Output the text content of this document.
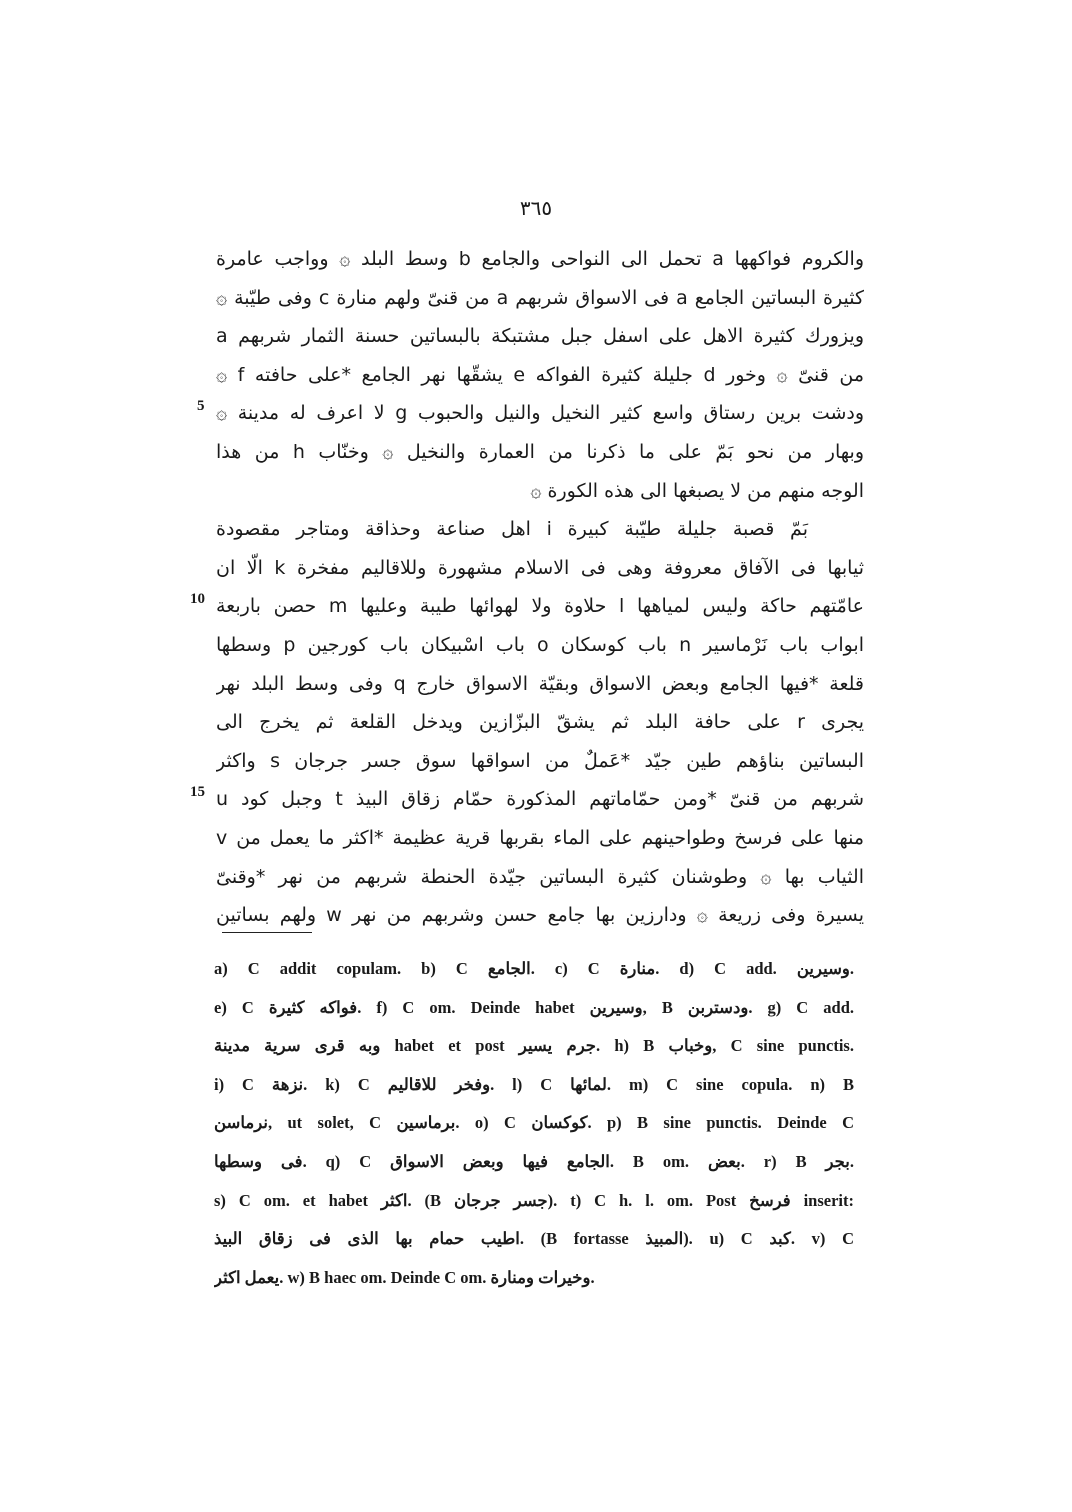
٣٦٥
والكروم فواكهها a تحمل الى النواحى والجامع b وسط البلد ۞ وواجب عامرة
كثيرة البساتين الجامع a فى الاسواق شربهم a من قنىّ ولهم منارة c وفى طيّبة ۞
ويزورك كثيرة الاهل على اسفل جبل مشتبكة بالبساتين حسنة الثمار شربهم a
من قنىّ ۞ وخور d جليلة كثيرة الفواكه e يشقّها نهر الجامع *على حافته f ۞
ودشت برين رستاق واسع كثير النخيل والنيل والحبوب g لا اعرف له مدينة ۞
وبهار من نحو بَمّ على ما ذكرنا من العمارة والنخيل ۞ وخنّاب h من هذا
الوجه منهم من لا يصبغها الى هذه الكورة ۞
بَمّ قصبة جليلة طيّبة كبيرة i اهل صناعة وحذاقة ومتاجر مقصودة
ثيابها فى الآفاق معروفة وهى فى الاسلام مشهورة وللاقاليم مفخرة k الّا ان
عامّتهم حاكة وليس لمياهها l حلاوة ولا لهوائها طيبة وعليها m حصن باربعة
ابواب باب نَرْماسير n باب كوسكان o باب اسْبيكان باب كورجين p وسطها
قلعة *فيها الجامع وبعض الاسواق وبقيّة الاسواق خارج q وفى وسط البلد نهر
يجرى r على حافة البلد ثم يشقّ البزّازين ويدخل القلعة ثم يخرج الى
البساتين بناؤهم طين جيّد *عَملٌ من اسواقها سوق جسر جرجان s واكثر
شربهم من قنىّ *ومن حمّاماتهم المذكورة حمّام زقاق البيذ t وجبل كود u
منها على فرسخ وطواحينهم على الماء بقربها قرية عظيمة *اكثر ما يعمل من v
الثياب بها ۞ وطوشنان كثيرة البساتين جيّدة الحنطة شربهم من نهر *وقنىّ
يسيرة وفى زريعة ۞ ودارزين بها جامع حسن وشربهم من نهر w ولهم بساتين
5
10
15
a) C addit copulam. b) C الجامع. c) C منارة. d) C add. وسيرين.
e) C فواكه كثيرة. f) C om. Deinde habet وسيرين, B ودستربن. g) C add.
وبه قرى سرية مدينة habet et post جرم يسير. h) B وخباب, C sine punctis.
i) C نزهة. k) C وفخر للاقاليم. l) C لمائها. m) C sine copula. n) B
نرماسن, ut solet, C برماسين. o) C كوكسان. p) B sine punctis. Deinde C
فى وسطها. q) C الجامع فيها وبعض الاسواق. B om. بعض. r) B بجر.
s) C om. et habet اكثر. (B جسر جرجان). t) C h. l. om. Post فرسخ inserit:
اطيب حمام بها الذى فى زقاق البيذ. (B fortasse المبيذ). u) C كبد. v) C
يعمل اكثر. w) B haec om. Deinde C om. وخيرات ومنارة.
